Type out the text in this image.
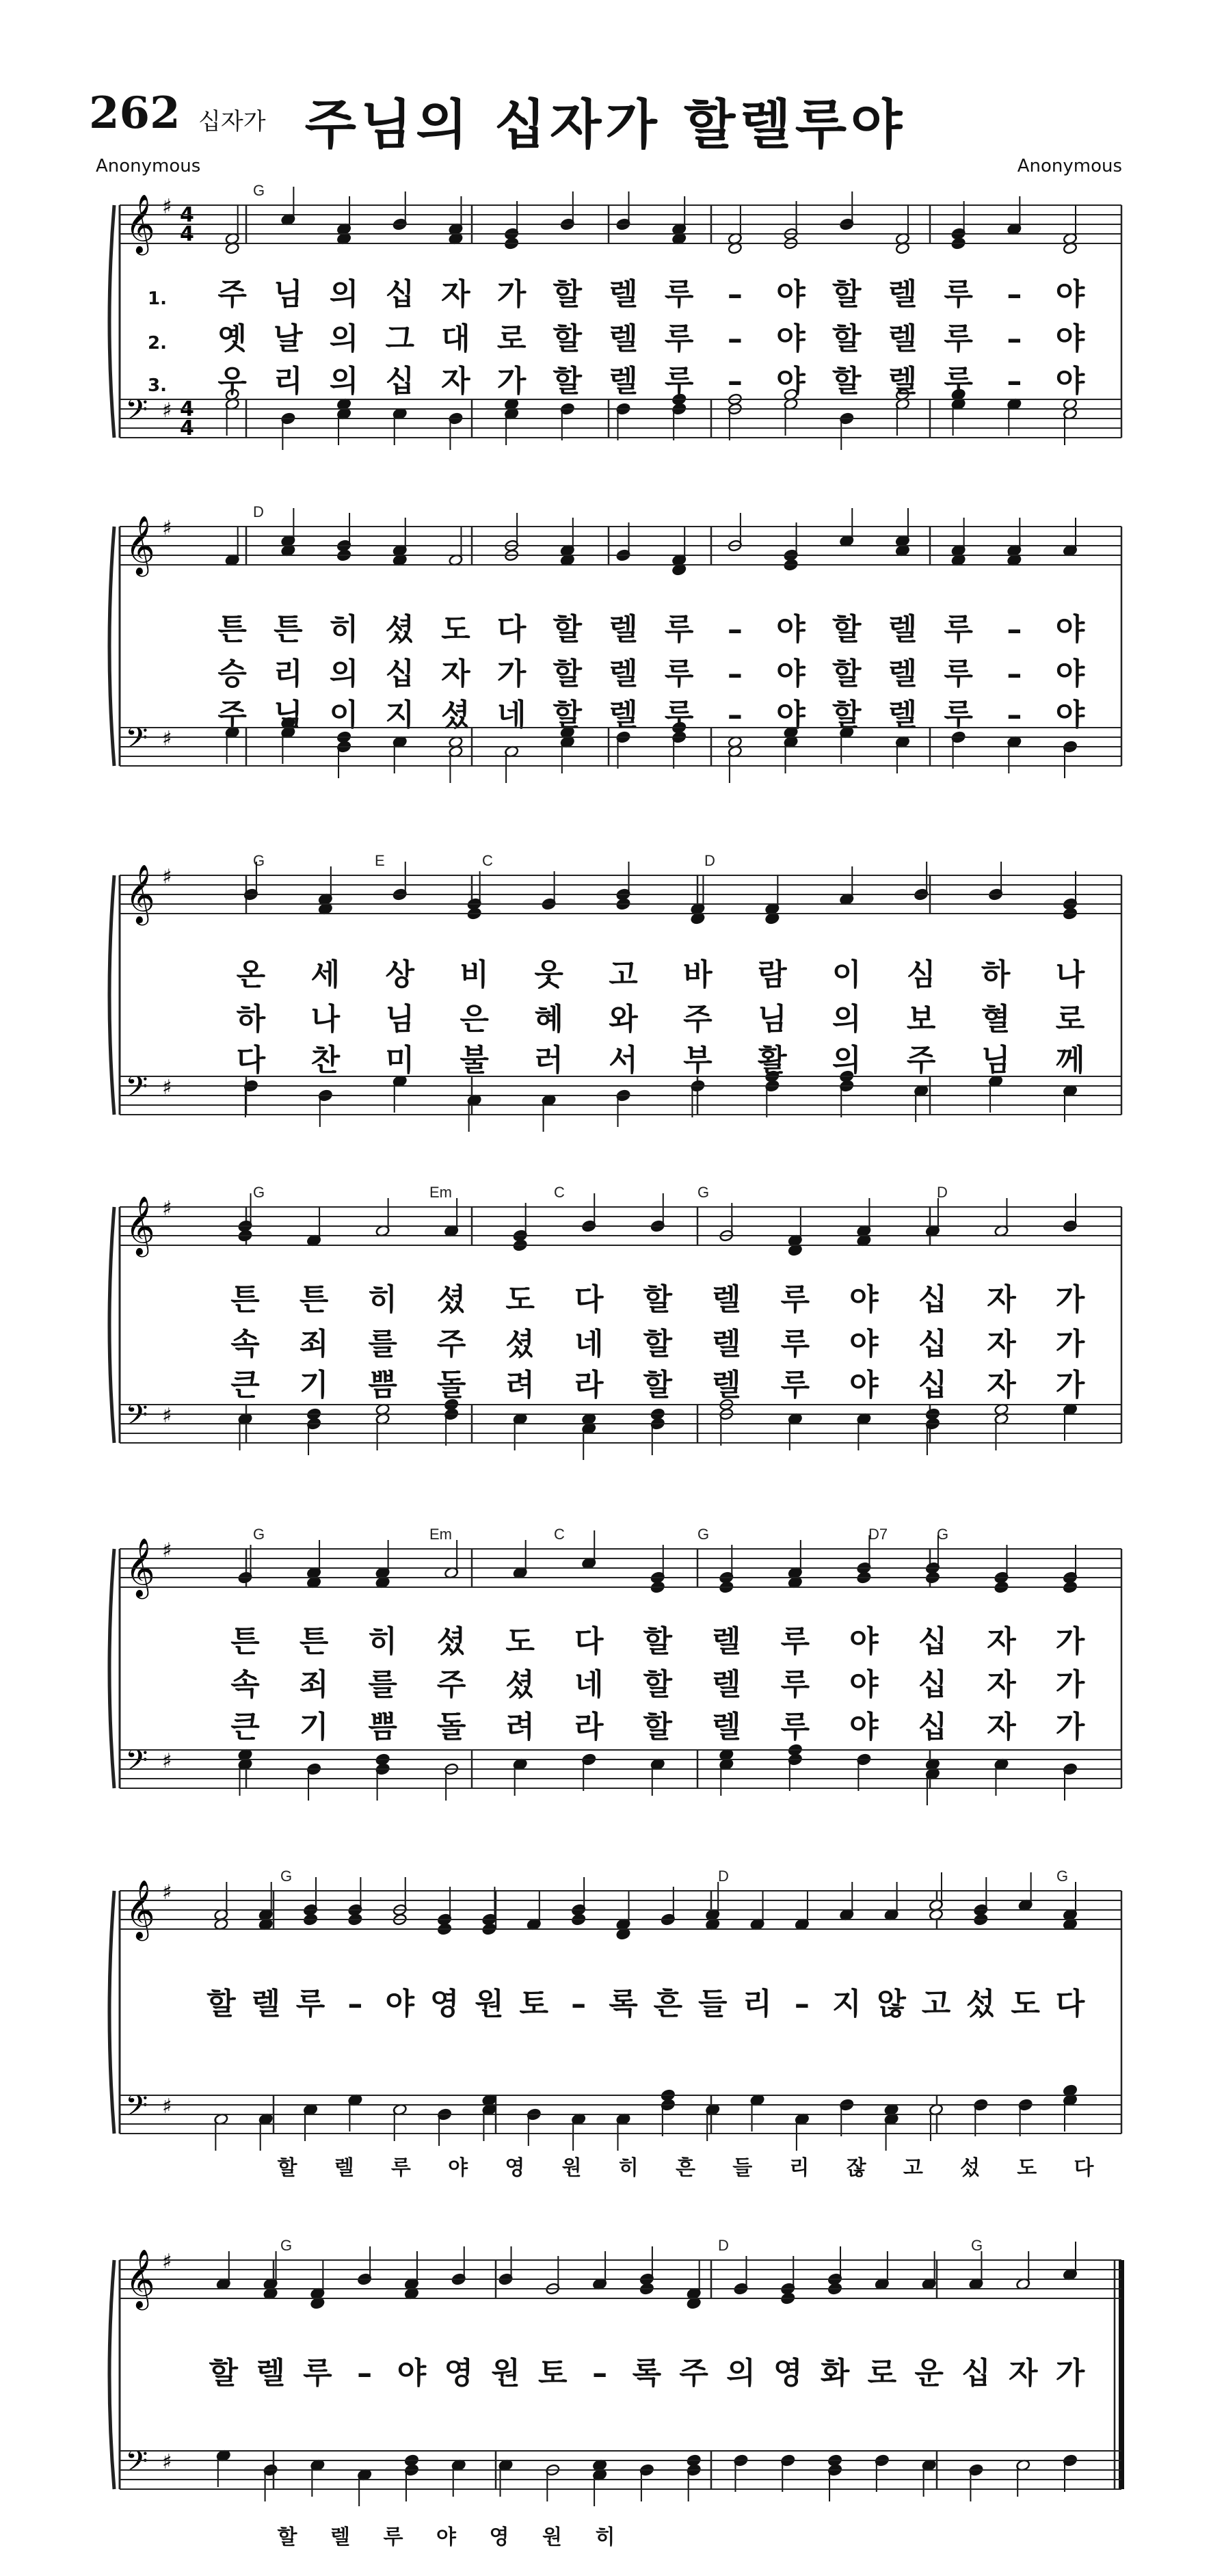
262 십자가 주님의 십자가 할렐루야
Anonymous	Anonymous
𝄞
𝄢
♯
♯
4
4
4
4
G
1. 주 님 의 십 자 가 할 렐 루 – 야 할 렐 루 – 야
2. 옛 날 의 그 대 로 할 렐 루 – 야 할 렐 루 – 야
3. 우 리 의 십 자 가 할 렐 루 – 야 할 렐 루 – 야
𝄞
𝄢
♯
♯
D
튼 튼 히 셨 도 다 할 렐 루 – 야 할 렐 루 – 야
승 리 의 십 자 가 할 렐 루 – 야 할 렐 루 – 야
주 님 이 지 셨 네 할 렐 루 – 야 할 렐 루 – 야
𝄞
𝄢
♯
♯
G	E	C	D
온 세 상 비 웃 고 바 람 이 심 하 나
하 나 님 은 혜 와 주 님 의 보 혈 로
다 찬 미 불 러 서 부 활 의 주 님 께
𝄞
𝄢
♯
♯
G	Em	C	G	D
튼 튼 히 셨 도 다 할 렐 루 야 십 자 가
속 죄 를 주 셨 네 할 렐 루 야 십 자 가
큰 기 쁨 돌 려 라 할 렐 루 야 십 자 가
𝄞
𝄢
♯
♯
G	Em	C	G	D7	G
튼 튼 히 셨 도 다 할 렐 루 야 십 자 가
속 죄 를 주 셨 네 할 렐 루 야 십 자 가
큰 기 쁨 돌 려 라 할 렐 루 야 십 자 가
𝄞
𝄢
♯
♯
G	D	G
할 렐 루 – 야 영 원 토 – 록 흔 들 리 – 지 않 고 섰 도 다
할 렐 루 야 영 원 히 흔 들 리 잖 고 섰 도 다
𝄞
𝄢
♯
♯
G	D	G
할 렐 루 – 야 영 원 토 – 록 주 의 영 화 로 운 십 자 가
할 렐 루 야 영 원 히
